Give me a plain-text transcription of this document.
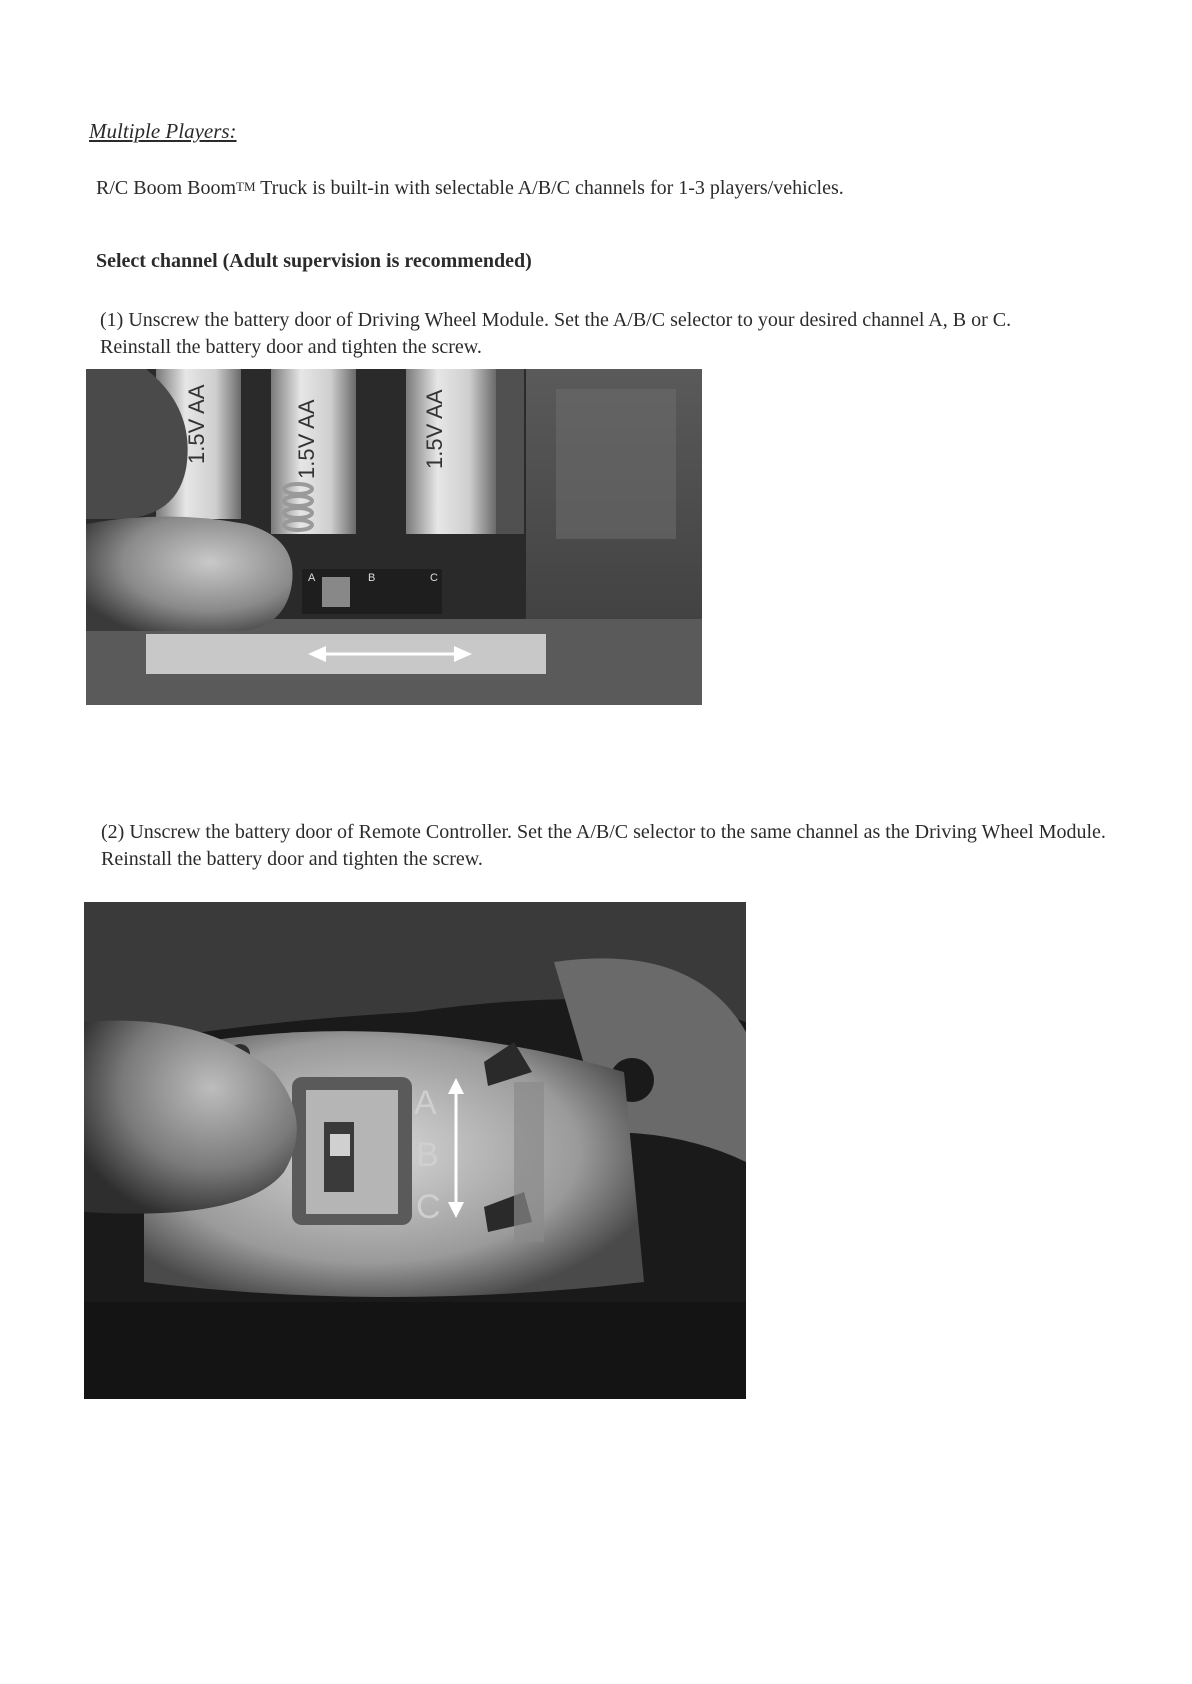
Multiple Players:
R/C Boom Boom™ Truck is built-in with selectable A/B/C channels for 1-3 players/vehicles.
Select channel (Adult supervision is recommended)
(1) Unscrew the battery door of Driving Wheel Module. Set the A/B/C selector to your desired channel A, B or C. Reinstall the battery door and tighten the screw.
1.5V AA	1.5V AA	1.5V AA
A	B	C
(2) Unscrew the battery door of Remote Controller. Set the A/B/C selector to the same channel as the Driving Wheel Module. Reinstall the battery door and tighten the screw.
A
B
C
